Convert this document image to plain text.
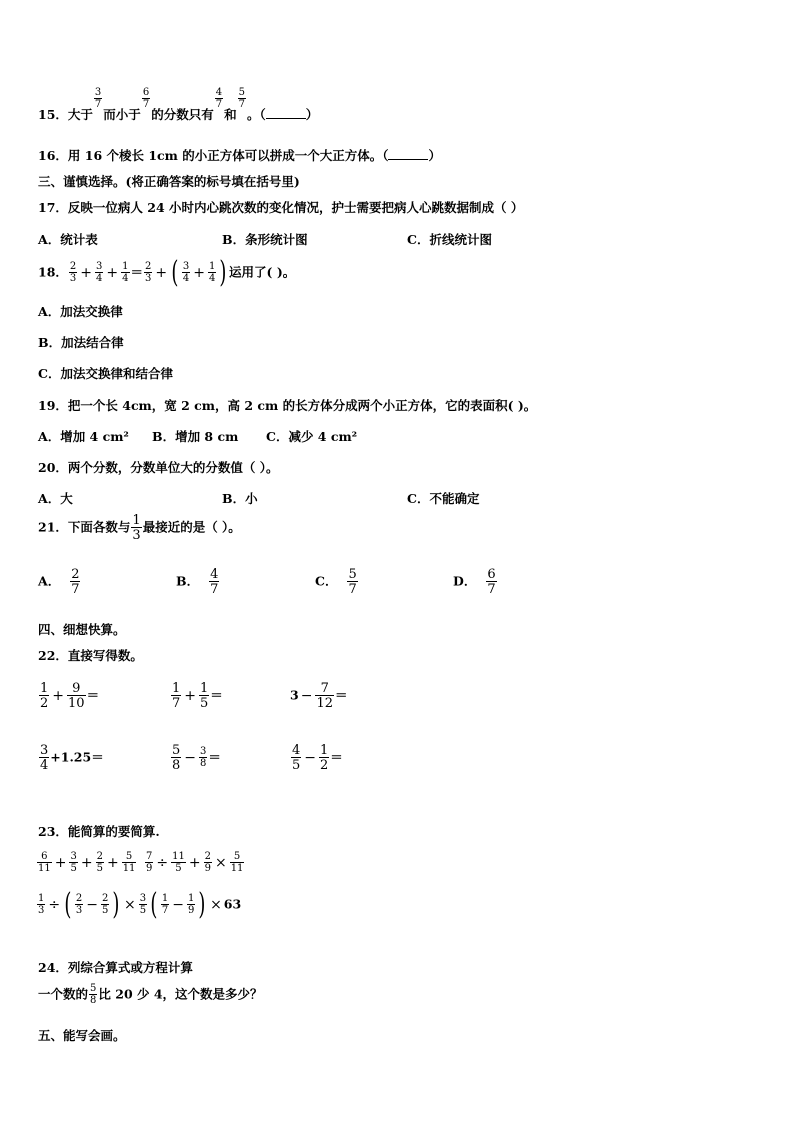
15．大于
$\frac{3}{7}$
而小于
$\frac{6}{7}$
的分数只有
$\frac{4}{7}$
和
$\frac{5}{7}$
。（	）
16．用 16 个棱长 1cm 的小正方体可以拼成一个大正方体。（	）
三、谨慎选择。(将正确答案的标号填在括号里)
17．反映一位病人 24 小时内心跳次数的变化情况，护士需要把病人心跳数据制成（ ）
A．统计表	B．条形统计图	C．折线统计图
18． $\frac{2}{3} + \frac{3}{4} + \frac{1}{4} = \frac{2}{3}$ + ( $\frac{3}{4} + \frac{1}{4}$ ) 运用了( )。
A．加法交换律
B．加法结合律
C．加法交换律和结合律
19．把一个长 4cm，宽 2 cm，高 2 cm 的长方体分成两个小正方体，它的表面积( )。
A．增加 4 cm² B．增加 8 cm C．减少 4 cm²
20．两个分数，分数单位大的分数值（ ）。
A．大	B．小	C．不能确定
21．下面各数与 $\frac{1}{3}$ 最接近的是（ ）。
A． $\frac{2}{7}$	B． $\frac{4}{7}$	C． $\frac{5}{7}$	D． $\frac{6}{7}$
四、细想快算。
22．直接写得数。
$\frac{1}{2} + \frac{9}{10}$ ＝	$\frac{1}{7} + \frac{1}{5}$ ＝	$3 - \frac{7}{12}$ ＝
$\frac{3}{4} +1.25=$	$\frac{5}{8} - \frac{3}{8}$ ＝	$\frac{4}{5} - \frac{1}{2}$ ＝
23．能简算的要简算.
$\frac{6}{11} + \frac{3}{5} + \frac{2}{5} + \frac{5}{11} \frac{7}{9} \div \frac{11}{5} + \frac{2}{9} \times \frac{5}{11}$
$\frac{1}{3}$ ÷ ( $\frac{2}{3} - \frac{2}{5}$ ) × $\frac{3}{5}$ ( $\frac{1}{7} - \frac{1}{9}$ ) × 63
24．列综合算式或方程计算
一个数的 $\frac{5}{8}$ 比 20 少 4，这个数是多少？
五、能写会画。
